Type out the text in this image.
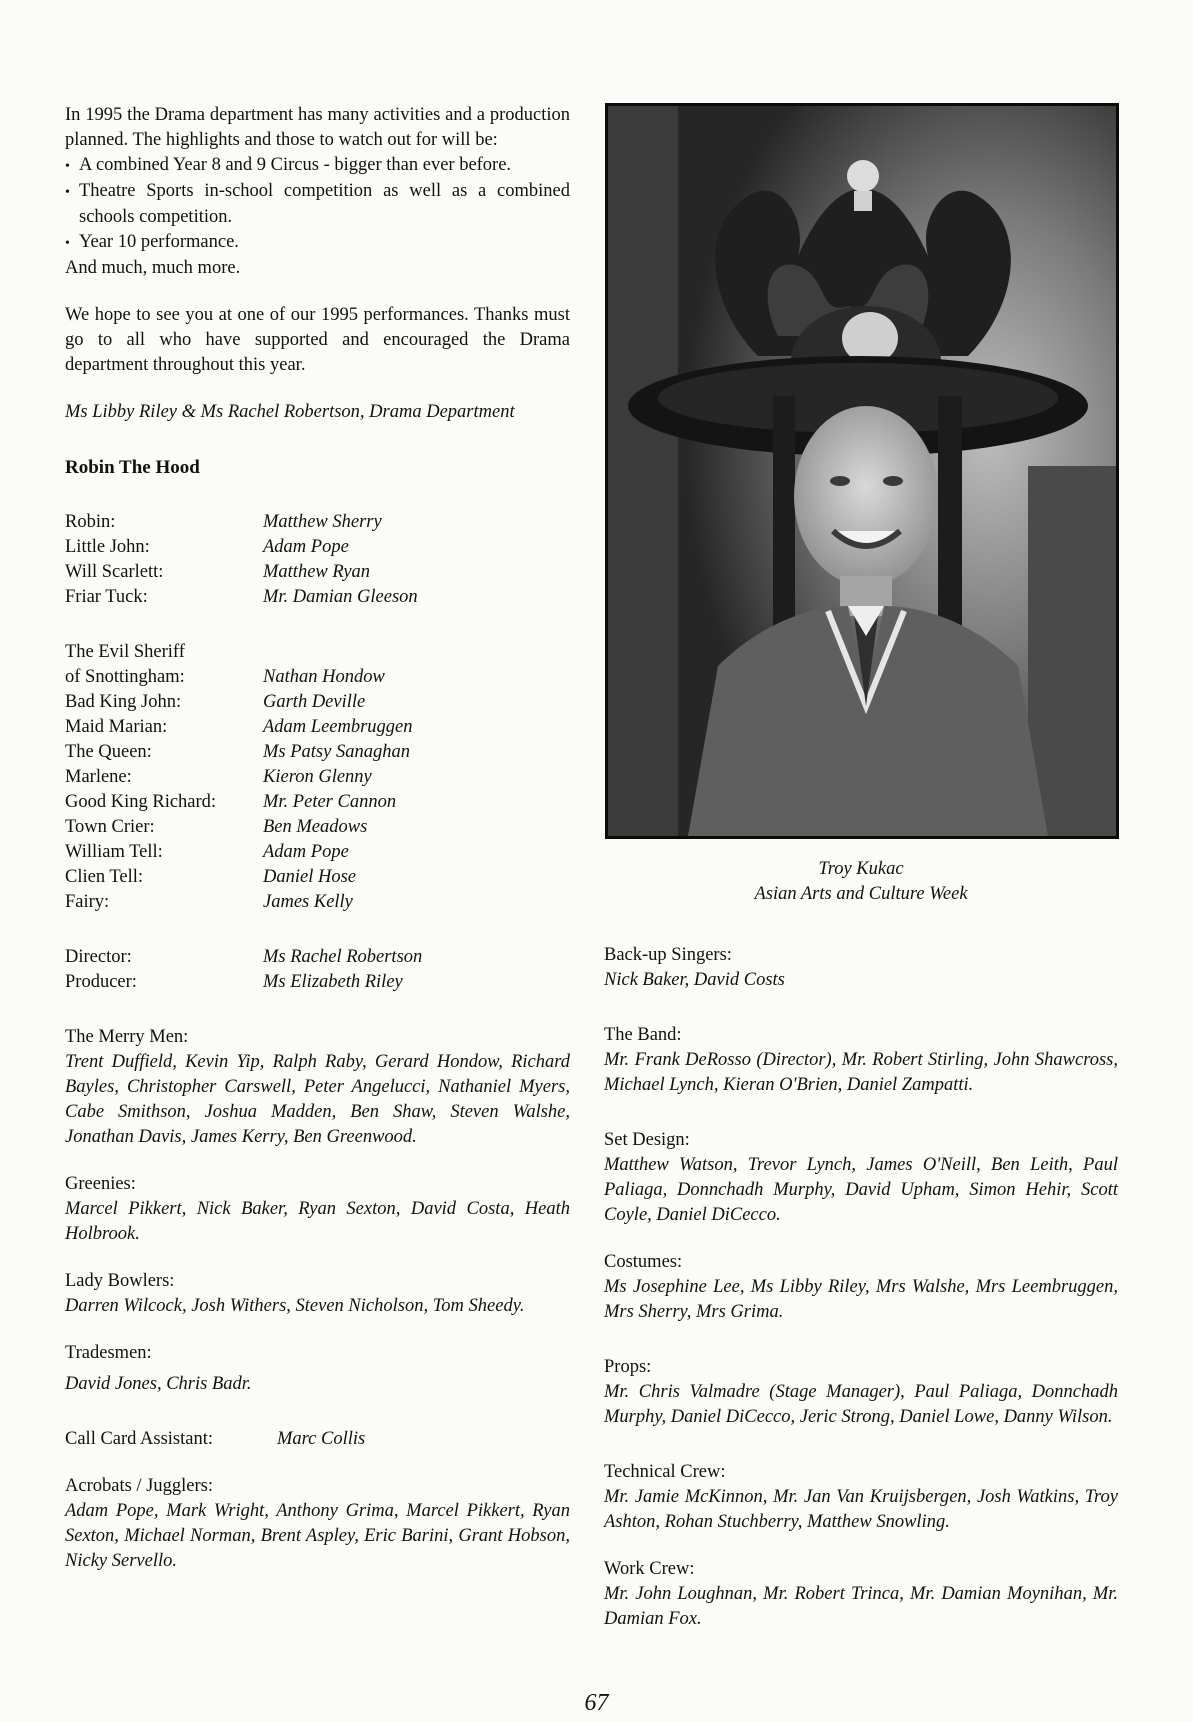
In 1995 the Drama department has many activities and a production planned. The highlights and those to watch out for will be:

• A combined Year 8 and 9 Circus - bigger than ever before.

• Theatre Sports in-school competition as well as a combined schools competition.

• Year 10 performance.

And much, much more.

We hope to see you at one of our 1995 performances. Thanks must go to all who have supported and encouraged the Drama department throughout this year.

Ms Libby Riley & Ms Rachel Robertson, Drama Department

Robin The Hood

Robin:	Matthew Sherry
Little John:	Adam Pope
Will Scarlett:	Matthew Ryan
Friar Tuck:	Mr. Damian Gleeson

The Evil Sheriff

of Snottingham:	Nathan Hondow
Bad King John:	Garth Deville
Maid Marian:	Adam Leembruggen
The Queen:	Ms Patsy Sanaghan
Marlene:	Kieron Glenny
Good King Richard:	Mr. Peter Cannon
Town Crier:	Ben Meadows
William Tell:	Adam Pope
Clien Tell:	Daniel Hose
Fairy:	James Kelly
Director:	Ms Rachel Robertson
Producer:	Ms Elizabeth Riley

The Merry Men:

Trent Duffield, Kevin Yip, Ralph Raby, Gerard Hondow, Richard Bayles, Christopher Carswell, Peter Angelucci, Nathaniel Myers, Cabe Smithson, Joshua Madden, Ben Shaw, Steven Walshe, Jonathan Davis, James Kerry, Ben Greenwood.

Greenies:

Marcel Pikkert, Nick Baker, Ryan Sexton, David Costa, Heath Holbrook.

Lady Bowlers:

Darren Wilcock, Josh Withers, Steven Nicholson, Tom Sheedy.

Tradesmen:

David Jones, Chris Badr.

Call Card Assistant:	Marc Collis

Acrobats / Jugglers:

Adam Pope, Mark Wright, Anthony Grima, Marcel Pikkert, Ryan Sexton, Michael Norman, Brent Aspley, Eric Barini, Grant Hobson, Nicky Servello.

Troy Kukac

Asian Arts and Culture Week

Back-up Singers:

Nick Baker, David Costs

The Band:

Mr. Frank DeRosso (Director), Mr. Robert Stirling, John Shawcross, Michael Lynch, Kieran O'Brien, Daniel Zampatti.

Set Design:

Matthew Watson, Trevor Lynch, James O'Neill, Ben Leith, Paul Paliaga, Donnchadh Murphy, David Upham, Simon Hehir, Scott Coyle, Daniel DiCecco.

Costumes:

Ms Josephine Lee, Ms Libby Riley, Mrs Walshe, Mrs Leembruggen, Mrs Sherry, Mrs Grima.

Props:

Mr. Chris Valmadre (Stage Manager), Paul Paliaga, Donnchadh Murphy, Daniel DiCecco, Jeric Strong, Daniel Lowe, Danny Wilson.

Technical Crew:

Mr. Jamie McKinnon, Mr. Jan Van Kruijsbergen, Josh Watkins, Troy Ashton, Rohan Stuchberry, Matthew Snowling.

Work Crew:

Mr. John Loughnan, Mr. Robert Trinca, Mr. Damian Moynihan, Mr. Damian Fox.

67
